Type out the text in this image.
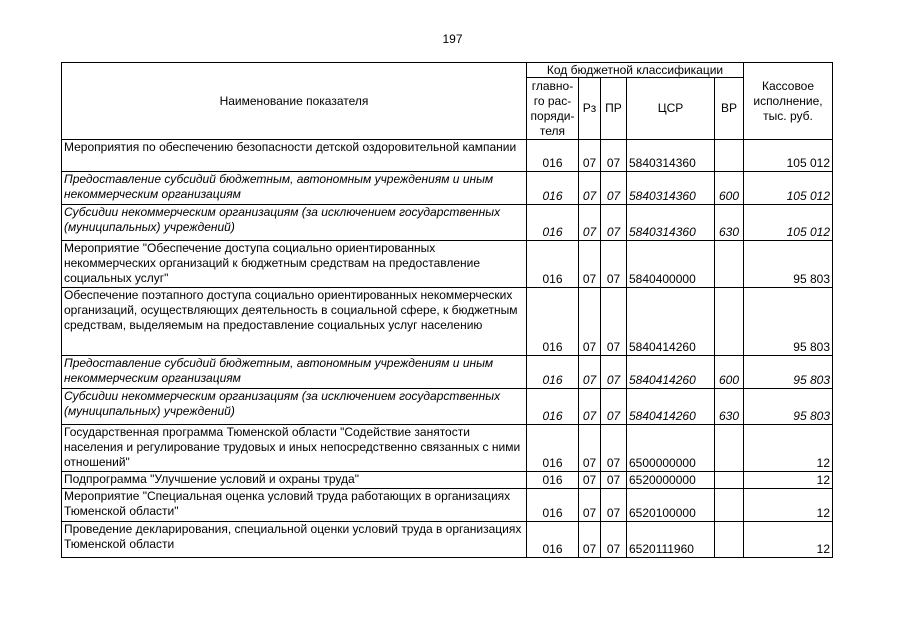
197
Наименование показателя	Код бюджетной классификации					Кассовое исполнение, тыс. руб.
	главно-го рас-поряди-теля	Рз	ПР	ЦСР	ВР	
Мероприятия по обеспечению безопасности детской оздоровительной кампании	016	07	07	5840314360		105 012
Предоставление субсидий бюджетным, автономным учреждениям и иным некоммерческим организациям	016	07	07	5840314360	600	105 012
Субсидии некоммерческим организациям (за исключением государственных (муниципальных) учреждений)	016	07	07	5840314360	630	105 012
Мероприятие "Обеспечение доступа социально ориентированных некоммерческих организаций к бюджетным средствам на предоставление социальных услуг"	016	07	07	5840400000		95 803
Обеспечение поэтапного доступа социально ориентированных некоммерческих организаций, осуществляющих деятельность в социальной сфере, к бюджетным средствам, выделяемым на предоставление социальных услуг населению	016	07	07	5840414260		95 803
Предоставление субсидий бюджетным, автономным учреждениям и иным некоммерческим организациям	016	07	07	5840414260	600	95 803
Субсидии некоммерческим организациям (за исключением государственных (муниципальных) учреждений)	016	07	07	5840414260	630	95 803
Государственная программа Тюменской области "Содействие занятости населения и регулирование трудовых и иных непосредственно связанных с ними отношений"	016	07	07	6500000000		12
Подпрограмма "Улучшение условий и охраны труда"	016	07	07	6520000000		12
Мероприятие "Специальная оценка условий труда работающих в организациях Тюменской области"	016	07	07	6520100000		12
Проведение декларирования, специальной оценки условий труда в организациях Тюменской области	016	07	07	6520111960		12
